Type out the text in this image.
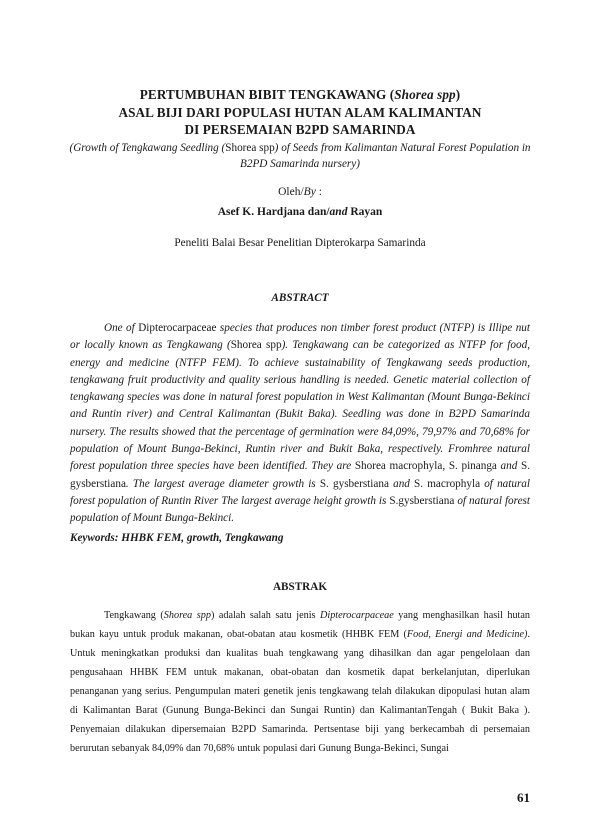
PERTUMBUHAN BIBIT TENGKAWANG (Shorea spp)
ASAL BIJI DARI POPULASI HUTAN ALAM KALIMANTAN
DI PERSEMAIAN B2PD SAMARINDA
(Growth of Tengkawang Seedling (Shorea spp) of Seeds from Kalimantan Natural Forest Population in B2PD Samarinda nursery)
Oleh/By :
Asef K. Hardjana dan/and Rayan
Peneliti Balai Besar Penelitian Dipterokarpa Samarinda
ABSTRACT

One of Dipterocarpaceae species that produces non timber forest product (NTFP) is Illipe nut or locally known as Tengkawang (Shorea spp). Tengkawang can be categorized as NTFP for food, energy and medicine (NTFP FEM). To achieve sustainability of Tengkawang seeds production, tengkawang fruit productivity and quality serious handling is needed. Genetic material collection of tengkawang species was done in natural forest population in West Kalimantan (Mount Bunga-Bekinci and Runtin river) and Central Kalimantan (Bukit Baka). Seedling was done in B2PD Samarinda nursery. The results showed that the percentage of germination were 84,09%, 79,97% and 70,68% for population of Mount Bunga-Bekinci, Runtin river and Bukit Baka, respectively. Fromhree natural forest population three species have been identified. They are Shorea macrophyla, S. pinanga and S. gysberstiana. The largest average diameter growth is S. gysberstiana and S. macrophyla of natural forest population of Runtin River The largest average height growth is S.gysberstiana of natural forest population of Mount Bunga-Bekinci.

Keywords: HHBK FEM, growth, Tengkawang
ABSTRAK

Tengkawang (Shorea spp) adalah salah satu jenis Dipterocarpaceae yang menghasilkan hasil hutan bukan kayu untuk produk makanan, obat-obatan atau kosmetik (HHBK FEM (Food, Energi and Medicine). Untuk meningkatkan produksi dan kualitas buah tengkawang yang dihasilkan dan agar pengelolaan dan pengusahaan HHBK FEM untuk makanan, obat-obatan dan kosmetik dapat berkelanjutan, diperlukan penanganan yang serius. Pengumpulan materi genetik jenis tengkawang telah dilakukan dipopulasi hutan alam di Kalimantan Barat (Gunung Bunga-Bekinci dan Sungai Runtin) dan KalimantanTengah ( Bukit Baka ). Penyemaian dilakukan dipersemaian B2PD Samarinda. Pertsentase biji yang berkecambah di persemaian berurutan sebanyak 84,09% dan 70,68% untuk populasi dari Gunung Bunga-Bekinci, Sungai

61
